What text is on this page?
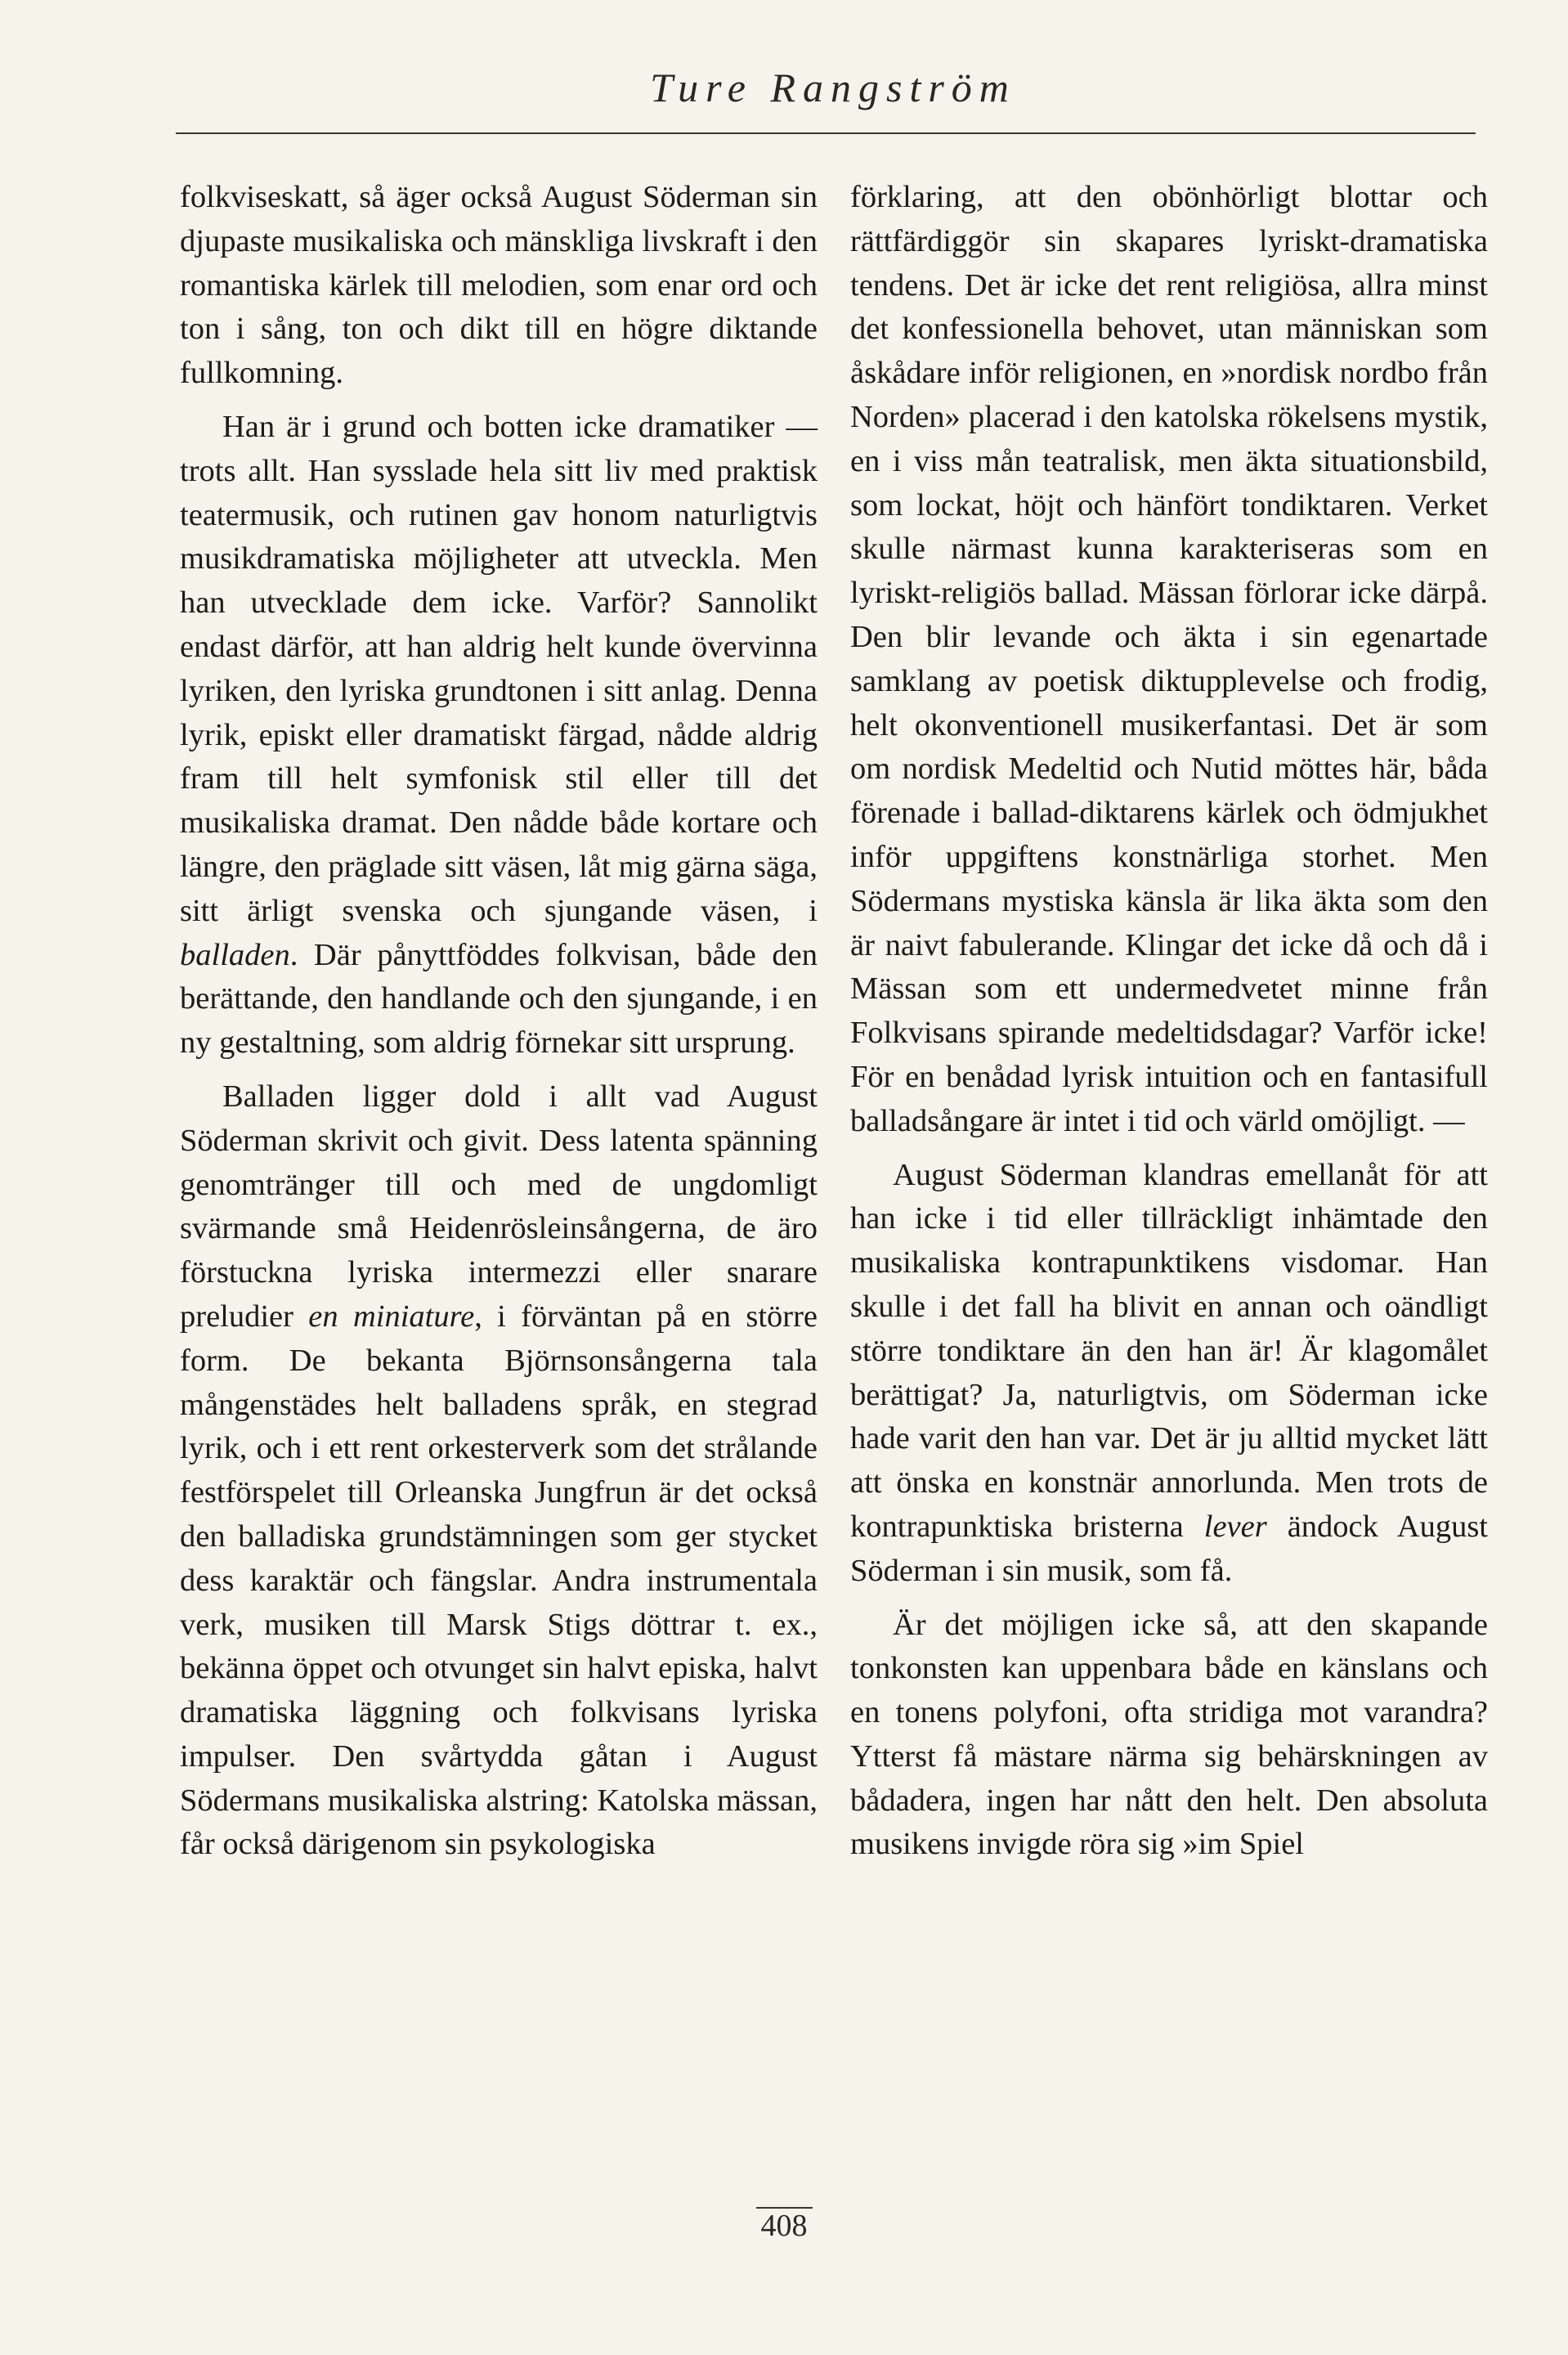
Ture Rangström

folkviseskatt, så äger också August Söderman sin djupaste musikaliska och mänskliga livskraft i den romantiska kärlek till melodien, som enar ord och ton i sång, ton och dikt till en högre diktande fullkomning.

Han är i grund och botten icke dramatiker — trots allt. Han sysslade hela sitt liv med praktisk teatermusik, och rutinen gav honom naturligtvis musikdramatiska möjligheter att utveckla. Men han utvecklade dem icke. Varför? Sannolikt endast därför, att han aldrig helt kunde övervinna lyriken, den lyriska grundtonen i sitt anlag. Denna lyrik, episkt eller dramatiskt färgad, nådde aldrig fram till helt symfonisk stil eller till det musikaliska dramat. Den nådde både kortare och längre, den präglade sitt väsen, låt mig gärna säga, sitt ärligt svenska och sjungande väsen, i balladen. Där pånyttföddes folkvisan, både den berättande, den handlande och den sjungande, i en ny gestaltning, som aldrig förnekar sitt ursprung.

Balladen ligger dold i allt vad August Söderman skrivit och givit. Dess latenta spänning genomtränger till och med de ungdomligt svärmande små Heidenrösleinsångerna, de äro förstuckna lyriska intermezzi eller snarare preludier en miniature, i förväntan på en större form. De bekanta Björnsonsångerna tala mångenstädes helt balladens språk, en stegrad lyrik, och i ett rent orkesterverk som det strålande festförspelet till Orleanska Jungfrun är det också den balladiska grundstämningen som ger stycket dess karaktär och fängslar. Andra instrumentala verk, musiken till Marsk Stigs döttrar t. ex., bekänna öppet och otvunget sin halvt episka, halvt dramatiska läggning och folkvisans lyriska impulser. Den svårtydda gåtan i August Södermans musikaliska alstring: Katolska mässan, får också därigenom sin psykologiska

förklaring, att den obönhörligt blottar och rättfärdiggör sin skapares lyriskt-dramatiska tendens. Det är icke det rent religiösa, allra minst det konfessionella behovet, utan människan som åskådare inför religionen, en »nordisk nordbo från Norden» placerad i den katolska rökelsens mystik, en i viss mån teatralisk, men äkta situationsbild, som lockat, höjt och hänfört tondiktaren. Verket skulle närmast kunna karakteriseras som en lyriskt-religiös ballad. Mässan förlorar icke därpå. Den blir levande och äkta i sin egenartade samklang av poetisk diktupplevelse och frodig, helt okonventionell musikerfantasi. Det är som om nordisk Medeltid och Nutid möttes här, båda förenade i ballad-diktarens kärlek och ödmjukhet inför uppgiftens konstnärliga storhet. Men Södermans mystiska känsla är lika äkta som den är naivt fabulerande. Klingar det icke då och då i Mässan som ett undermedvetet minne från Folkvisans spirande medeltidsdagar? Varför icke! För en benådad lyrisk intuition och en fantasifull balladsångare är intet i tid och värld omöjligt. —

August Söderman klandras emellanåt för att han icke i tid eller tillräckligt inhämtade den musikaliska kontrapunktikens visdomar. Han skulle i det fall ha blivit en annan och oändligt större tondiktare än den han är! Är klagomålet berättigat? Ja, naturligtvis, om Söderman icke hade varit den han var. Det är ju alltid mycket lätt att önska en konstnär annorlunda. Men trots de kontrapunktiska bristerna lever ändock August Söderman i sin musik, som få.

Är det möjligen icke så, att den skapande tonkonsten kan uppenbara både en känslans och en tonens polyfoni, ofta stridiga mot varandra? Ytterst få mästare närma sig behärskningen av bådadera, ingen har nått den helt. Den absoluta musikens invigde röra sig »im Spiel

408
